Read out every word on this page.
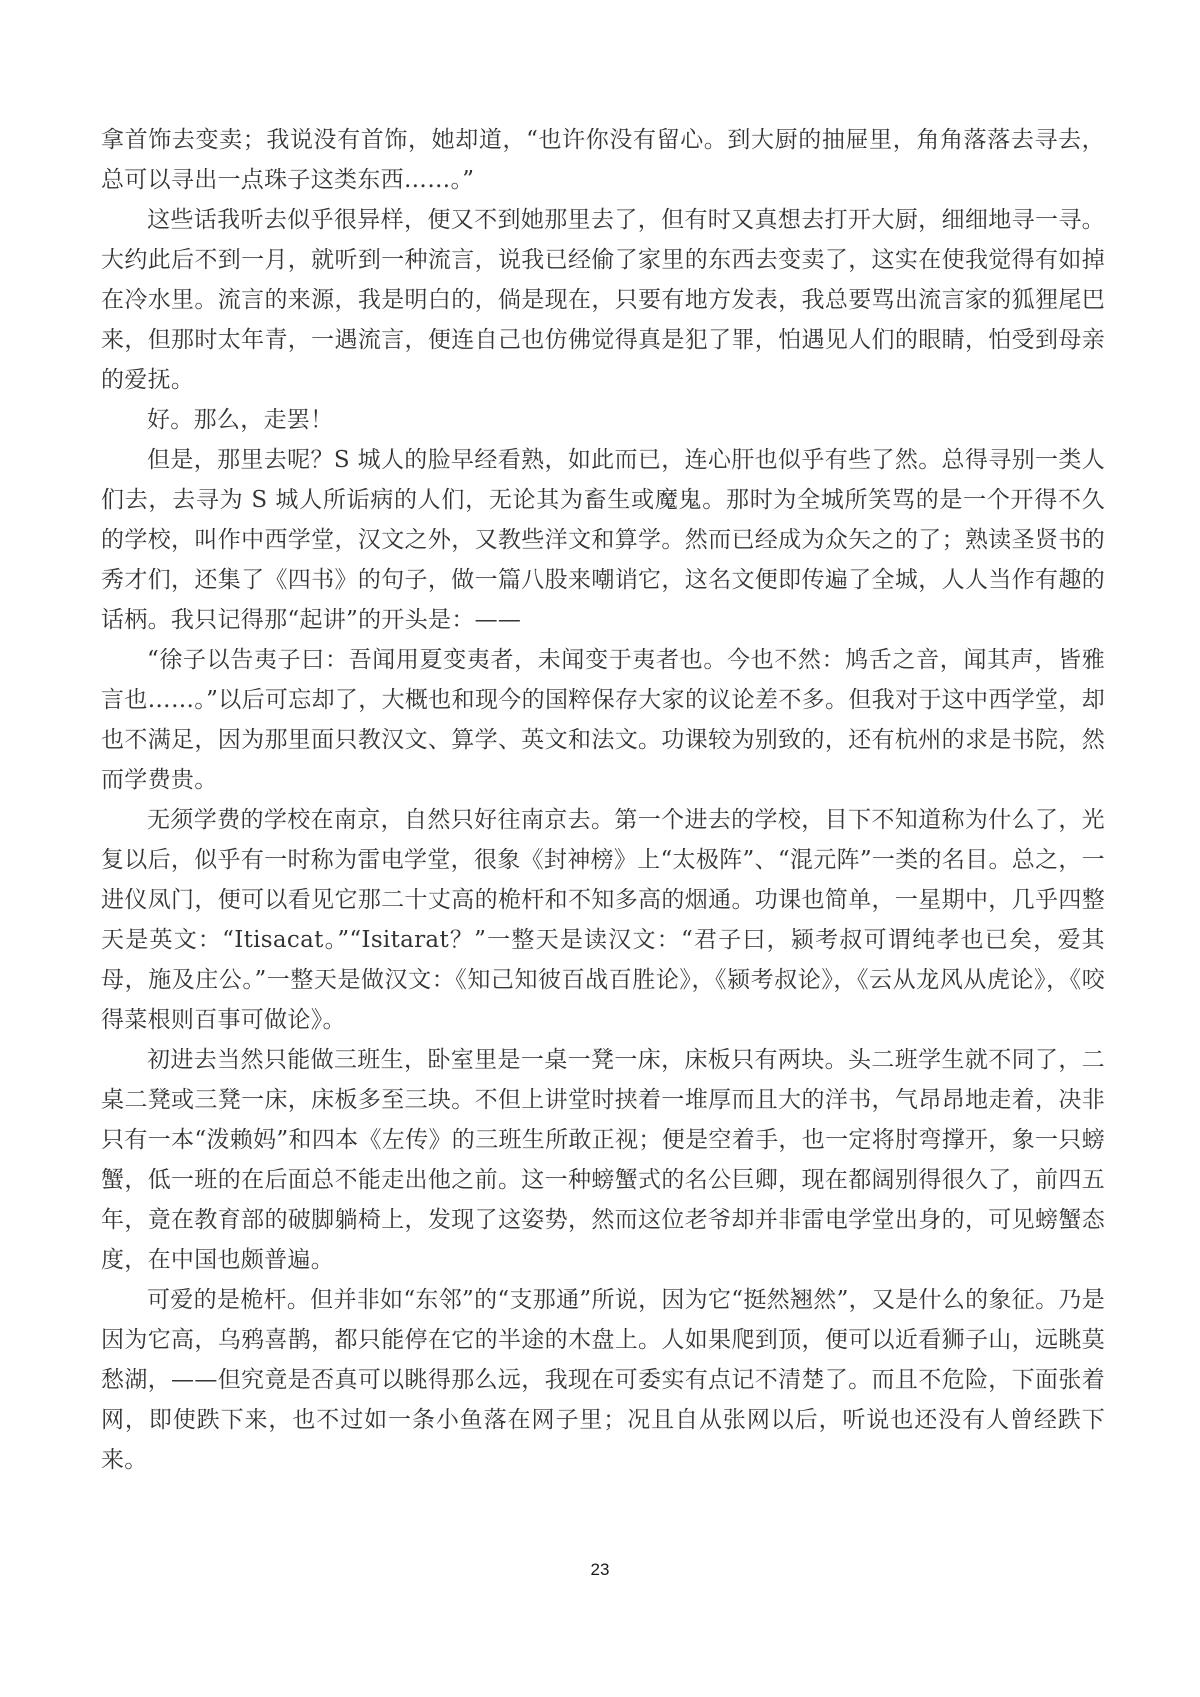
拿首饰去变卖；我说没有首饰，她却道，“也许你没有留心。到大厨的抽屉里，角角落落去寻去，总可以寻出一点珠子这类东西……。”

这些话我听去似乎很异样，便又不到她那里去了，但有时又真想去打开大厨，细细地寻一寻。大约此后不到一月，就听到一种流言，说我已经偷了家里的东西去变卖了，这实在使我觉得有如掉在冷水里。流言的来源，我是明白的，倘是现在，只要有地方发表，我总要骂出流言家的狐狸尾巴来，但那时太年青，一遇流言，便连自己也仿佛觉得真是犯了罪，怕遇见人们的眼睛，怕受到母亲的爱抚。

好。那么，走罢！

但是，那里去呢？S 城人的脸早经看熟，如此而已，连心肝也似乎有些了然。总得寻别一类人们去，去寻为 S 城人所诟病的人们，无论其为畜生或魔鬼。那时为全城所笑骂的是一个开得不久的学校，叫作中西学堂，汉文之外，又教些洋文和算学。然而已经成为众矢之的了；熟读圣贤书的秀才们，还集了《四书》的句子，做一篇八股来嘲诮它，这名文便即传遍了全城，人人当作有趣的话柄。我只记得那“起讲”的开头是：——

“徐子以告夷子曰：吾闻用夏变夷者，未闻变于夷者也。今也不然：鸠舌之音，闻其声，皆雅言也……。”以后可忘却了，大概也和现今的国粹保存大家的议论差不多。但我对于这中西学堂，却也不满足，因为那里面只教汉文、算学、英文和法文。功课较为别致的，还有杭州的求是书院，然而学费贵。

无须学费的学校在南京，自然只好往南京去。第一个进去的学校，目下不知道称为什么了，光复以后，似乎有一时称为雷电学堂，很象《封神榜》上“太极阵”、“混元阵”一类的名目。总之，一进仪凤门，便可以看见它那二十丈高的桅杆和不知多高的烟通。功课也简单，一星期中，几乎四整天是英文：“Itisacat。”“Isitarat？”一整天是读汉文：“君子曰，颍考叔可谓纯孝也已矣，爱其母，施及庄公。”一整天是做汉文：《知己知彼百战百胜论》，《颍考叔论》，《云从龙风从虎论》，《咬得菜根则百事可做论》。

初进去当然只能做三班生，卧室里是一桌一凳一床，床板只有两块。头二班学生就不同了，二桌二凳或三凳一床，床板多至三块。不但上讲堂时挟着一堆厚而且大的洋书，气昂昂地走着，决非只有一本“泼赖妈”和四本《左传》的三班生所敢正视；便是空着手，也一定将肘弯撑开，象一只螃蟹，低一班的在后面总不能走出他之前。这一种螃蟹式的名公巨卿，现在都阔别得很久了，前四五年，竟在教育部的破脚躺椅上，发现了这姿势，然而这位老爷却并非雷电学堂出身的，可见螃蟹态度，在中国也颇普遍。

可爱的是桅杆。但并非如“东邻”的“支那通”所说，因为它“挺然翘然”，又是什么的象征。乃是因为它高，乌鸦喜鹊，都只能停在它的半途的木盘上。人如果爬到顶，便可以近看狮子山，远眺莫愁湖，——但究竟是否真可以眺得那么远，我现在可委实有点记不清楚了。而且不危险，下面张着网，即使跌下来，也不过如一条小鱼落在网子里；况且自从张网以后，听说也还没有人曾经跌下来。

23
